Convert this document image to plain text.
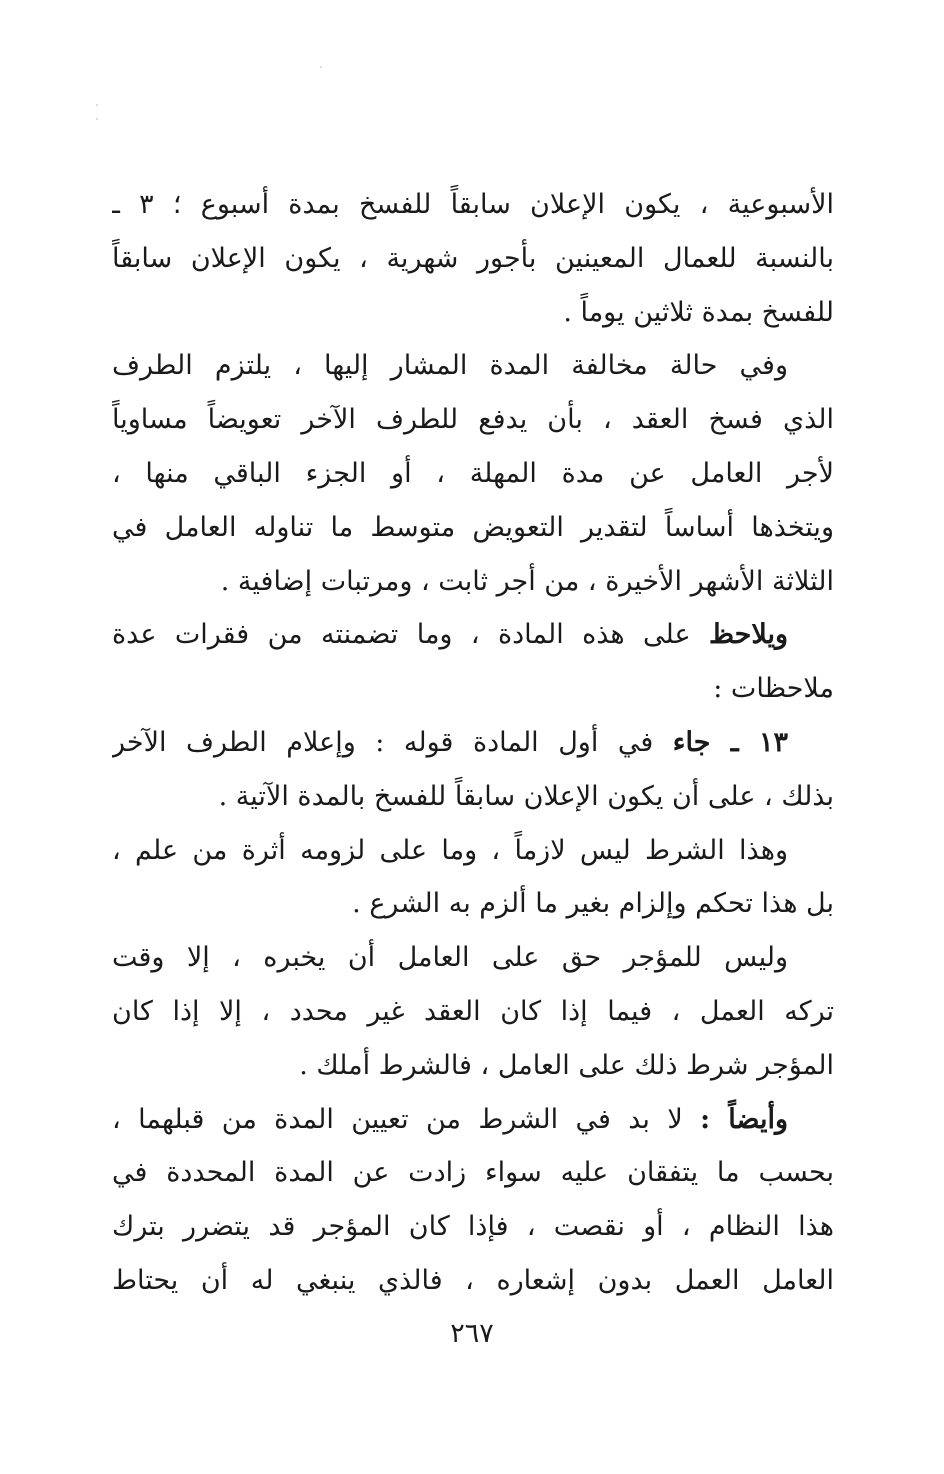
الأسبوعية ، يكون الإعلان سابقاً للفسخ بمدة أسبوع ؛ ٣ ـ
بالنسبة للعمال المعينين بأجور شهرية ، يكون الإعلان سابقاً
للفسخ بمدة ثلاثين يوماً .
وفي حالة مخالفة المدة المشار إليها ، يلتزم الطرف
الذي فسخ العقد ، بأن يدفع للطرف الآخر تعويضاً مساوياً
لأجر العامل عن مدة المهلة ، أو الجزء الباقي منها ،
ويتخذها أساساً لتقدير التعويض متوسط ما تناوله العامل في
الثلاثة الأشهر الأخيرة ، من أجر ثابت ، ومرتبات إضافية .
ويلاحظ على هذه المادة ، وما تضمنته من فقرات عدة
ملاحظات :
١٣ ـ جاء في أول المادة قوله : وإعلام الطرف الآخر
بذلك ، على أن يكون الإعلان سابقاً للفسخ بالمدة الآتية .
وهذا الشرط ليس لازماً ، وما على لزومه أثرة من علم ،
بل هذا تحكم وإلزام بغير ما ألزم به الشرع .
وليس للمؤجر حق على العامل أن يخبره ، إلا وقت
تركه العمل ، فيما إذا كان العقد غير محدد ، إلا إذا كان
المؤجر شرط ذلك على العامل ، فالشرط أملك .
وأيضاً : لا بد في الشرط من تعيين المدة من قبلهما ،
بحسب ما يتفقان عليه سواء زادت عن المدة المحددة في
هذا النظام ، أو نقصت ، فإذا كان المؤجر قد يتضرر بترك
العامل العمل بدون إشعاره ، فالذي ينبغي له أن يحتاط
٢٦٧
